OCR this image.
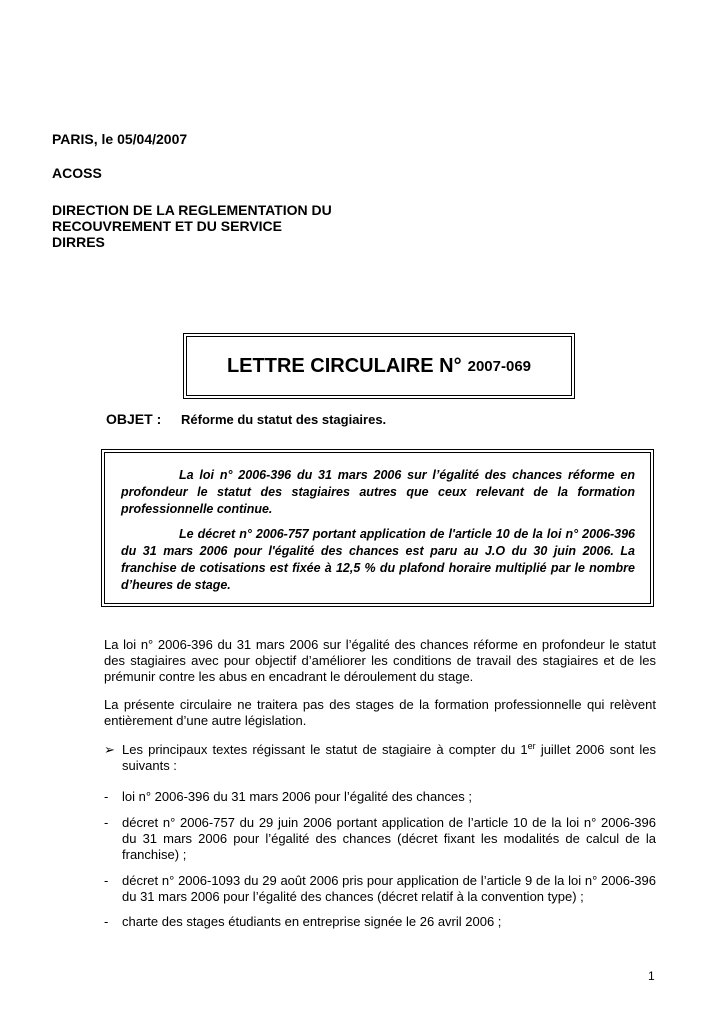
PARIS, le 05/04/2007
ACOSS
DIRECTION DE LA REGLEMENTATION DU
RECOUVREMENT ET DU SERVICE
DIRRES
LETTRE CIRCULAIRE N° 2007-069
OBJET : Réforme du statut des stagiaires.

La loi n° 2006-396 du 31 mars 2006 sur l’égalité des chances réforme en profondeur le statut des stagiaires autres que ceux relevant de la formation professionnelle continue.

Le décret n° 2006-757 portant application de l'article 10 de la loi n° 2006-396 du 31 mars 2006 pour l'égalité des chances est paru au J.O du 30 juin 2006. La franchise de cotisations est fixée à 12,5 % du plafond horaire multiplié par le nombre d’heures de stage.

La loi n° 2006-396 du 31 mars 2006 sur l’égalité des chances réforme en profondeur le statut des stagiaires avec pour objectif d’améliorer les conditions de travail des stagiaires et de les prémunir contre les abus en encadrant le déroulement du stage.

La présente circulaire ne traitera pas des stages de la formation professionnelle qui relèvent entièrement d’une autre législation.

➢ Les principaux textes régissant le statut de stagiaire à compter du 1er juillet 2006 sont les suivants :

- loi n° 2006-396 du 31 mars 2006 pour l’égalité des chances ;

- décret n° 2006-757 du 29 juin 2006 portant application de l’article 10 de la loi n° 2006-396 du 31 mars 2006 pour l’égalité des chances (décret fixant les modalités de calcul de la franchise) ;

- décret n° 2006-1093 du 29 août 2006 pris pour application de l’article 9 de la loi n° 2006-396 du 31 mars 2006 pour l’égalité des chances (décret relatif à la convention type) ;

- charte des stages étudiants en entreprise signée le 26 avril 2006 ;

1
